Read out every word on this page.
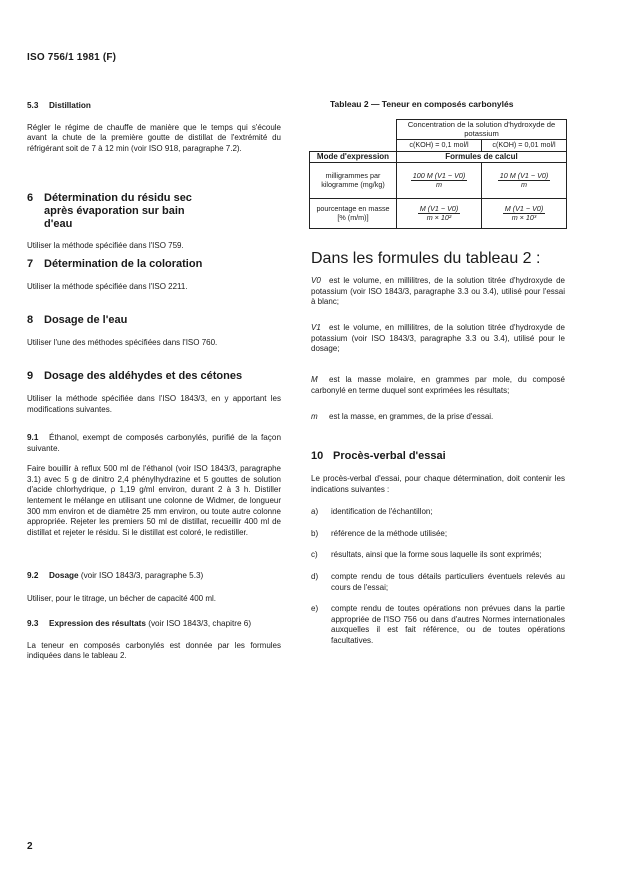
ISO 756/1 1981 (F)

5.3 Distillation

Régler le régime de chauffe de manière que le temps qui s'écoule avant la chute de la première goutte de distillat de l'extrémité du réfrigérant soit de 7 à 12 min (voir ISO 918, paragraphe 7.2).

6 Détermination du résidu sec après évaporation sur bain d'eau

Utiliser la méthode spécifiée dans l'ISO 759.

7 Détermination de la coloration

Utiliser la méthode spécifiée dans l'ISO 2211.

8 Dosage de l'eau

Utiliser l'une des méthodes spécifiées dans l'ISO 760.

9 Dosage des aldéhydes et des cétones

Utiliser la méthode spécifiée dans l'ISO 1843/3, en y apportant les modifications suivantes.

9.1 Éthanol, exempt de composés carbonylés, purifié de la façon suivante.

Faire bouillir à reflux 500 ml de l'éthanol (voir ISO 1843/3, paragraphe 3.1) avec 5 g de dinitro 2,4 phénylhydrazine et 5 gouttes de solution d'acide chlorhydrique, ρ 1,19 g/ml environ, durant 2 à 3 h. Distiller lentement le mélange en utilisant une colonne de Widmer, de longueur 300 mm environ et de diamètre 25 mm environ, ou toute autre colonne appropriée. Rejeter les premiers 50 ml de distillat, recueillir 400 ml de distillat et rejeter le résidu. Si le distillat est coloré, le redistiller.

9.2 Dosage (voir ISO 1843/3, paragraphe 5.3)

Utiliser, pour le titrage, un bécher de capacité 400 ml.

9.3 Expression des résultats (voir ISO 1843/3, chapitre 6)

La teneur en composés carbonylés est donnée par les formules indiquées dans le tableau 2.

Tableau 2 — Teneur en composés carbonylés
	Concentration de la solution d'hydroxyde de potassium	
	c(KOH) = 0,1 mol/l	c(KOH) = 0,01 mol/l
Mode d'expression	Formules de calcul	
milligrammes par kilogramme (mg/kg)	$\frac{100 M (V1 - V0)}{m}$	$\frac{10 M (V1 - V0)}{m}$

pourcentage en masse [% (m/m)]	$\frac{M (V1 - V0)}{\text{m × 10²}}$	$\frac{M (V1 - V0)}{\text{m × 10³}}$
Dans les formules du tableau 2 :

V0 est le volume, en millilitres, de la solution titrée d'hydroxyde de potassium (voir ISO 1843/3, paragraphe 3.3 ou 3.4), utilisé pour l'essai à blanc;

V1 est le volume, en millilitres, de la solution titrée d'hydroxyde de potassium (voir ISO 1843/3, paragraphe 3.3 ou 3.4), utilisé pour le dosage;

M est la masse molaire, en grammes par mole, du composé carbonylé en terme duquel sont exprimées les résultats;

m est la masse, en grammes, de la prise d'essai.

10 Procès-verbal d'essai

Le procès-verbal d'essai, pour chaque détermination, doit contenir les indications suivantes :

a)	identification de l'échantillon;
b)	référence de la méthode utilisée;
c)	résultats, ainsi que la forme sous laquelle ils sont exprimés;
d)	compte rendu de tous détails particuliers éventuels relevés au cours de l'essai;
e)	compte rendu de toutes opérations non prévues dans la partie appropriée de l'ISO 756 ou dans d'autres Normes internationales auxquelles il est fait référence, ou de toutes opérations facultatives.
2
